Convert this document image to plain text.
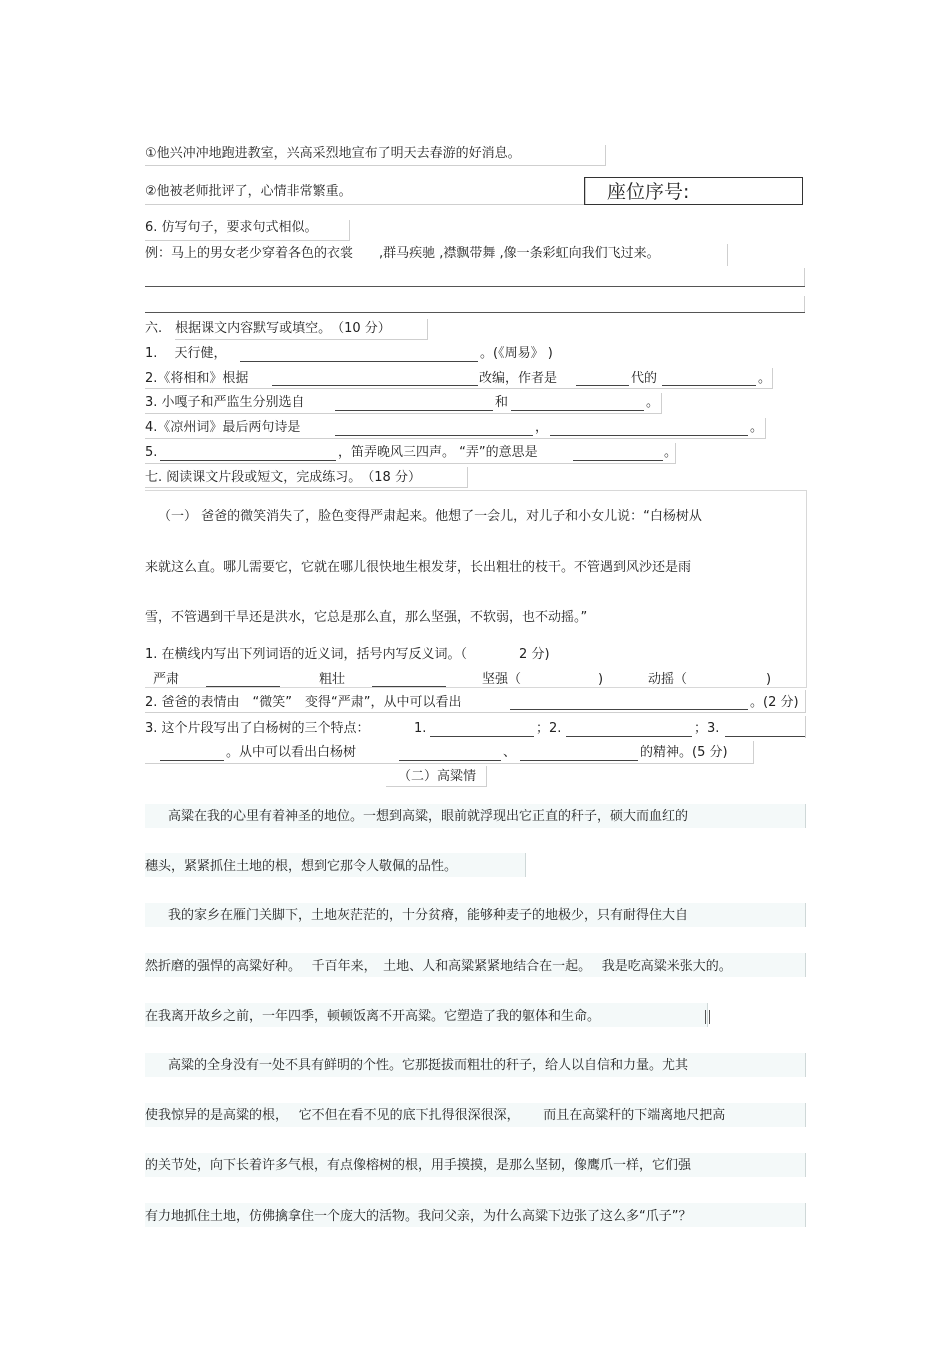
①他兴冲冲地跑进教室，兴高采烈地宣布了明天去春游的好消息。
②他被老师批评了，心情非常繁重。	座位序号:
6. 仿写句子，要求句式相似。
例：马上的男女老少穿着各色的衣裳　　,群马疾驰 ,襟飘带舞 ,像一条彩虹向我们飞过来。
六.　根据课文内容默写或填空。　（10 分）
1.　 天行健，	。(《周易》 )
2.《将相和》根据	改编，作者是	代的	。
3. 小嘎子和严监生分别选自	和	。
4.《凉州词》最后两句诗是	，	。
5.	，笛弄晚风三四声。 “弄”的意思是	。
七. 阅读课文片段或短文，完成练习。　（18 分）
（一） 爸爸的微笑消失了，脸色变得严肃起来。他想了一会儿，对儿子和小女儿说：“白杨树从
来就这么直。哪儿需要它，它就在哪儿很快地生根发芽，长出粗壮的枝干。不管遇到风沙还是雨
雪，不管遇到干旱还是洪水，它总是那么直，那么坚强，不软弱，也不动摇。”
1. 在横线内写出下列词语的近义词，括号内写反义词。（　　　　2 分)
严肃	粗壮	坚强（	)	动摇（	)
2. 爸爸的表情由　“微笑”　变得“严肃”，从中可以看出	。(2 分)
3. 这个片段写出了白杨树的三个特点：	1.	；2.	；3.
。从中可以看出白杨树	、	的精神。(5 分)
（二）高粱情
高粱在我的心里有着神圣的地位。一想到高粱，眼前就浮现出它正直的秆子，硕大而血红的
穗头，紧紧抓住土地的根，想到它那令人敬佩的品性。
我的家乡在雁门关脚下，土地灰茫茫的，十分贫瘠，能够种麦子的地极少，只有耐得住大自
然折磨的强悍的高粱好种。　 千百年来，　土地、人和高粱紧紧地结合在一起。　 我是吃高粱米张大的。
在我离开故乡之前，一年四季，顿顿饭离不开高粱。它塑造了我的躯体和生命。
高粱的全身没有一处不具有鲜明的个性。它那挺拔而粗壮的秆子，给人以自信和力量。尤其
使我惊异的是高粱的根，　 它不但在看不见的底下扎得很深很深，　　 而且在高粱秆的下端离地尺把高
的关节处，向下长着许多气根，有点像榕树的根，用手摸摸，是那么坚韧，像鹰爪一样，它们强
有力地抓住土地，仿佛擒拿住一个庞大的活物。我问父亲，为什么高粱下边张了这么多“爪子”？
